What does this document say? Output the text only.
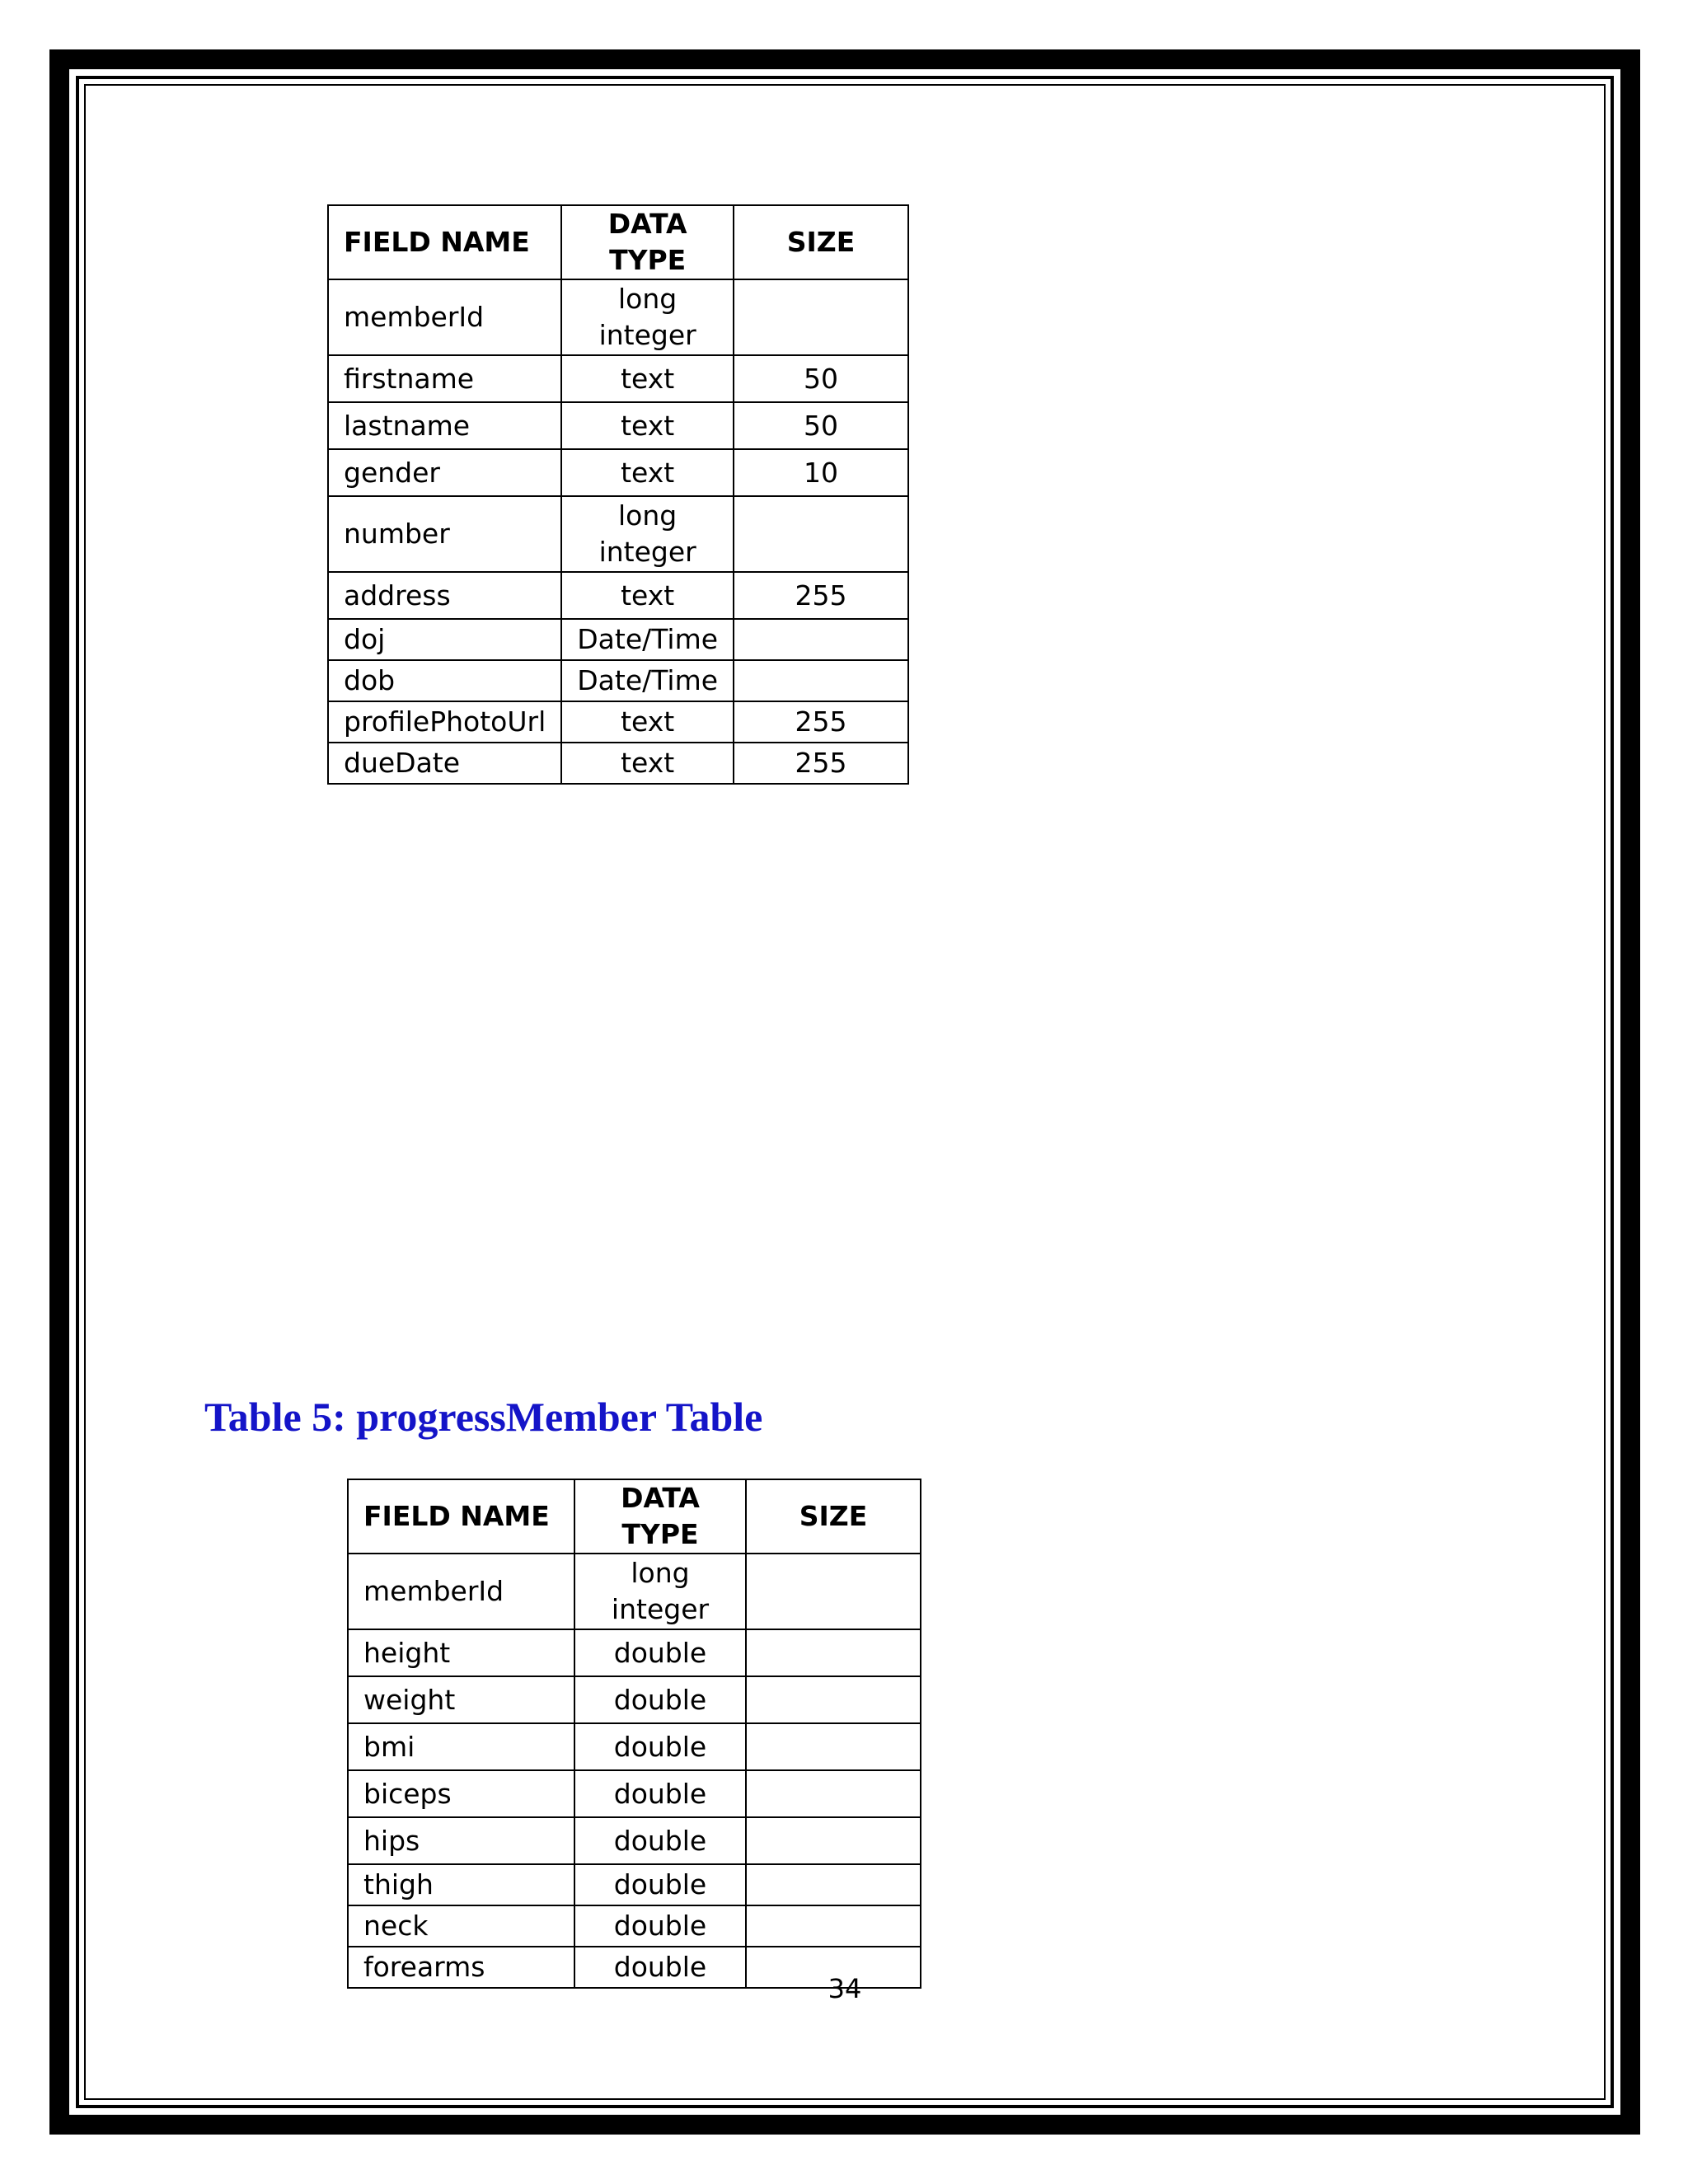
FIELD NAME	DATA TYPE	SIZE
memberId	long integer	
firstname	text	50
lastname	text	50
gender	text	10
number	long integer	
address	text	255
doj	Date/Time	
dob	Date/Time	
profilePhotoUrl	text	255
dueDate	text	255
Table 5: progressMember Table
FIELD NAME	DATA TYPE	SIZE
memberId	long integer	
height	double	
weight	double	
bmi	double	
biceps	double	
hips	double	
thigh	double	
neck	double	
forearms	double	
34
